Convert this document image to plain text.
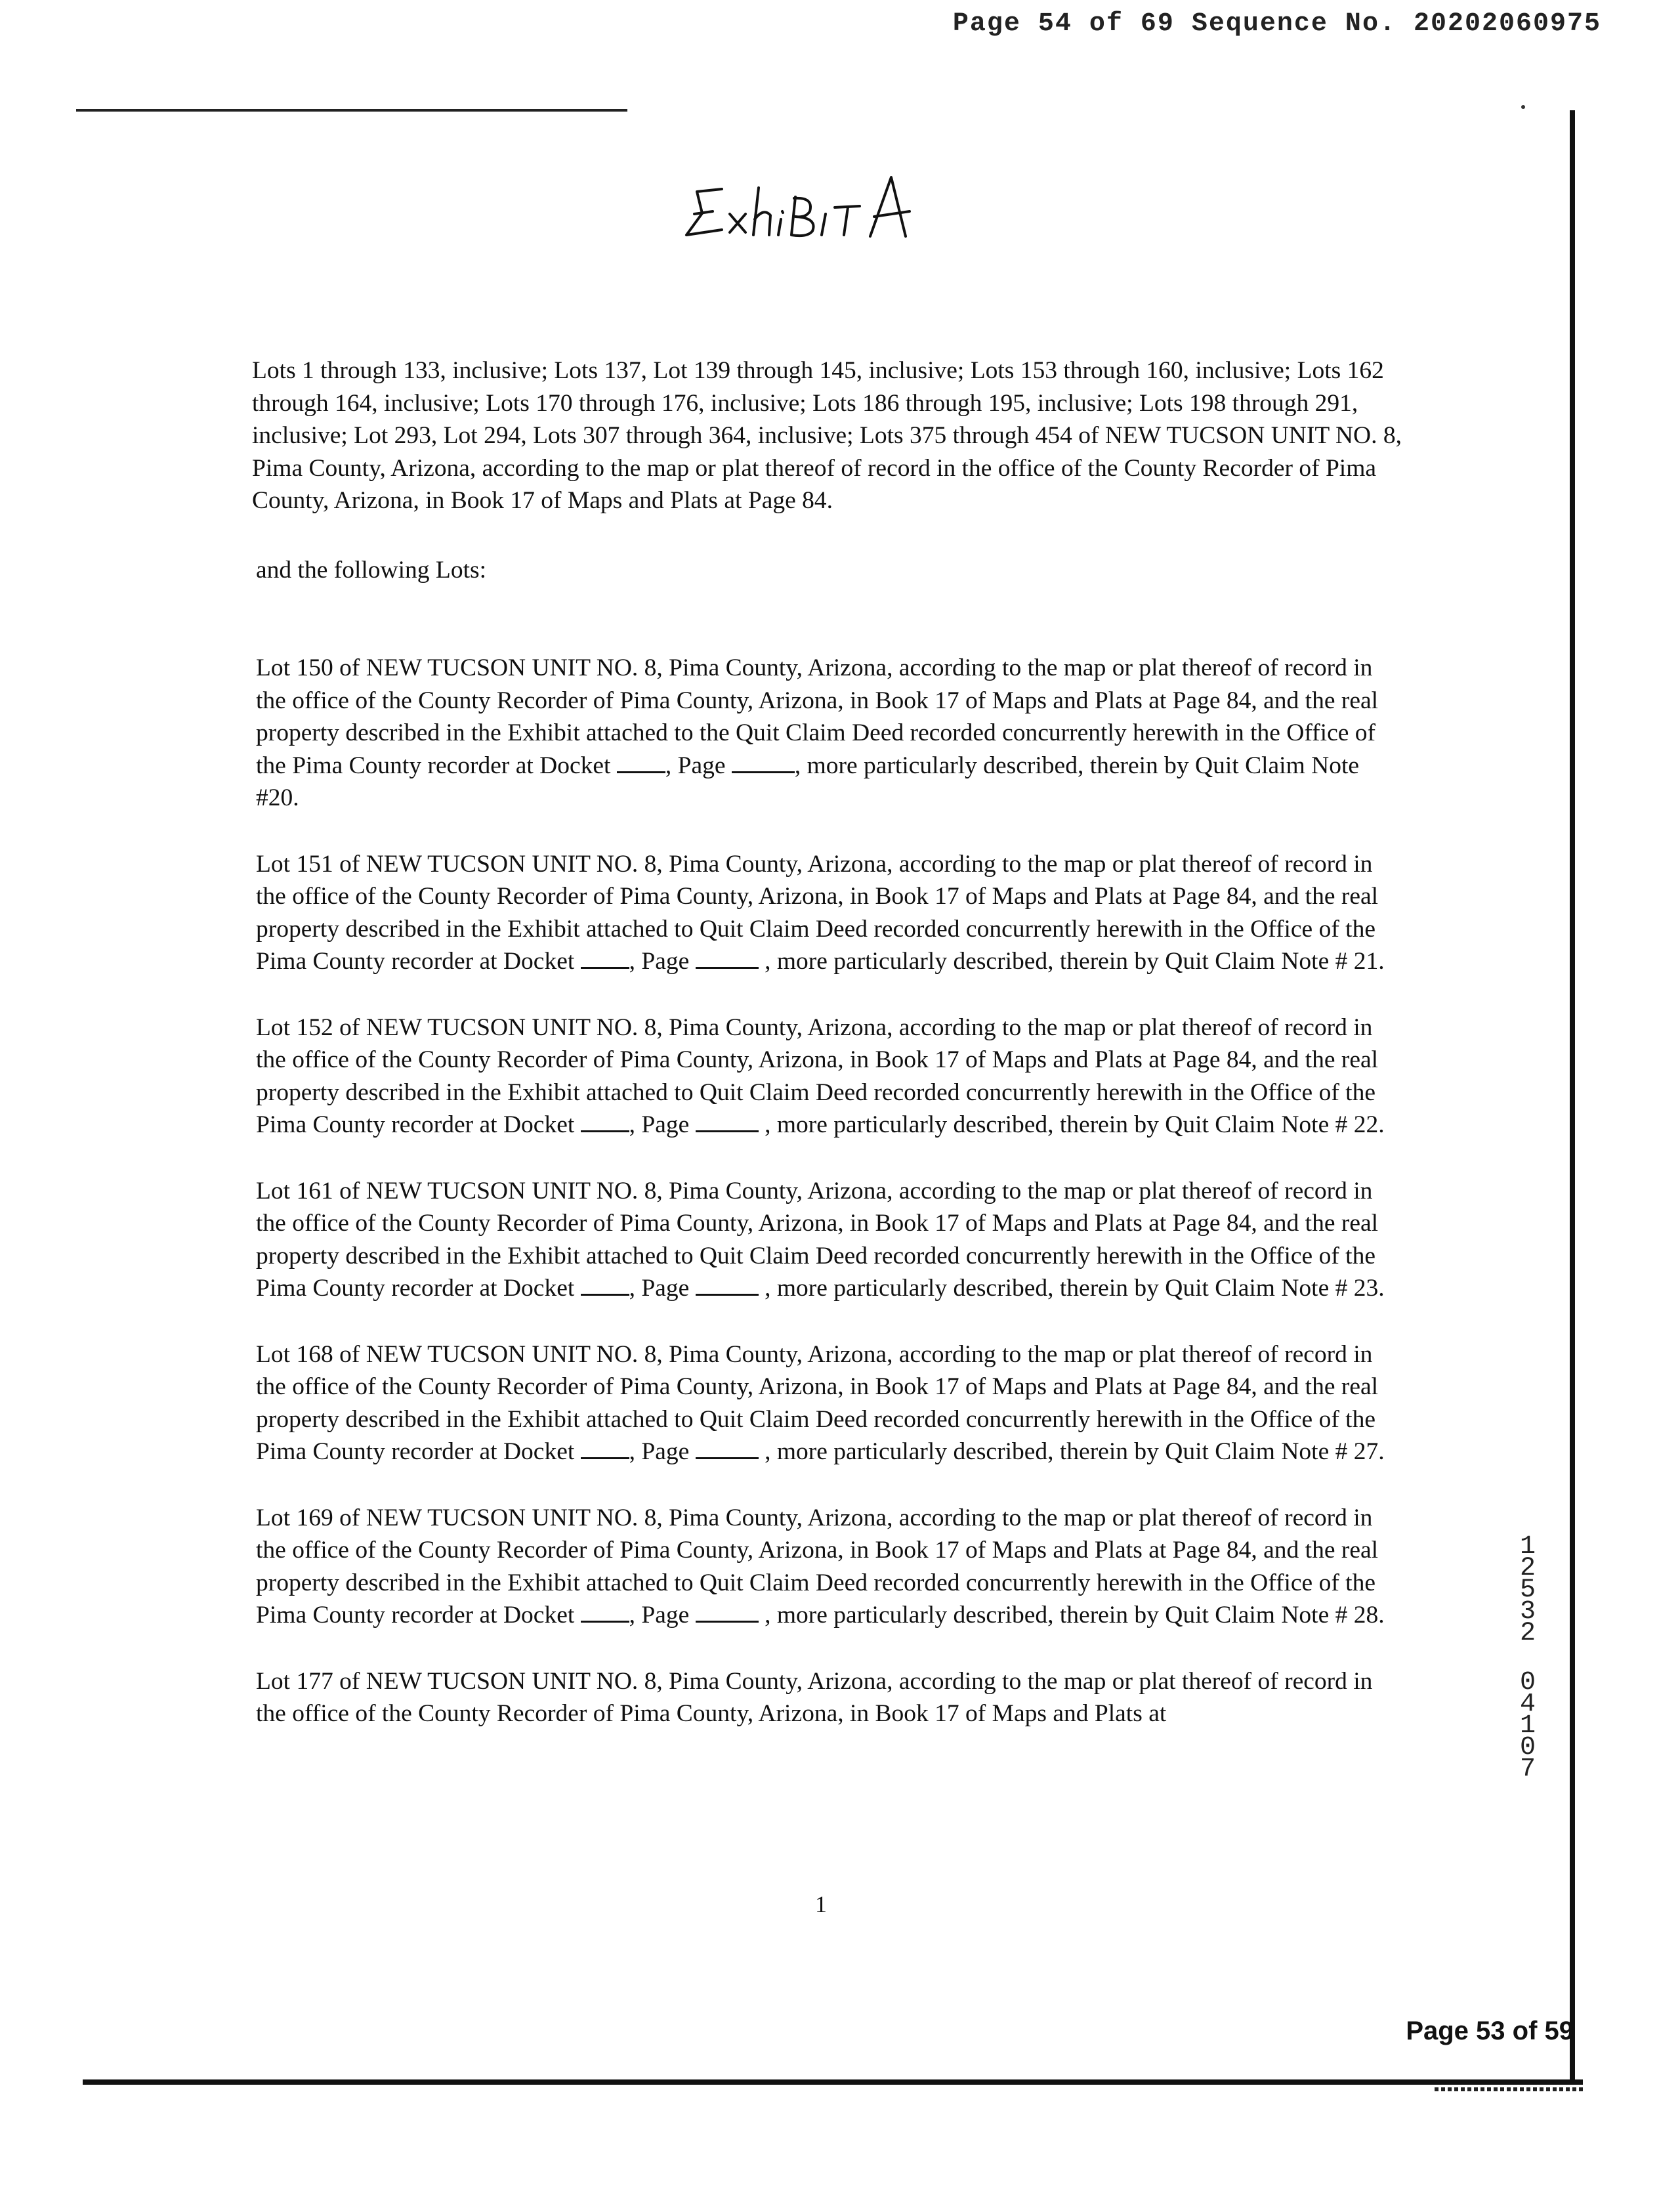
Page 54 of 69 Sequence No. 20202060975

Lots 1 through 133, inclusive; Lots 137, Lot 139 through 145, inclusive; Lots 153 through 160, inclusive; Lots 162 through 164, inclusive; Lots 170 through 176, inclusive; Lots 186 through 195, inclusive; Lots 198 through 291, inclusive; Lot 293, Lot 294, Lots 307 through 364, inclusive; Lots 375 through 454 of NEW TUCSON UNIT NO. 8, Pima County, Arizona, according to the map or plat thereof of record in the office of the County Recorder of Pima County, Arizona, in Book 17 of Maps and Plats at Page 84.

and the following Lots:

Lot 150 of NEW TUCSON UNIT NO. 8, Pima County, Arizona, according to the map or plat thereof of record in the office of the County Recorder of Pima County, Arizona, in Book 17 of Maps and Plats at Page 84, and the real property described in the Exhibit attached to the Quit Claim Deed recorded concurrently herewith in the Office of the Pima County recorder at Docket , Page	, more particularly described, therein by Quit Claim Note #20.

Lot 151 of NEW TUCSON UNIT NO. 8, Pima County, Arizona, according to the map or plat thereof of record in the office of the County Recorder of Pima County, Arizona, in Book 17 of Maps and Plats at Page 84, and the real property described in the Exhibit attached to Quit Claim Deed recorded concurrently herewith in the Office of the Pima County recorder at Docket , Page	, more particularly described, therein by Quit Claim Note # 21.

Lot 152 of NEW TUCSON UNIT NO. 8, Pima County, Arizona, according to the map or plat thereof of record in the office of the County Recorder of Pima County, Arizona, in Book 17 of Maps and Plats at Page 84, and the real property described in the Exhibit attached to Quit Claim Deed recorded concurrently herewith in the Office of the Pima County recorder at Docket , Page	, more particularly described, therein by Quit Claim Note # 22.

Lot 161 of NEW TUCSON UNIT NO. 8, Pima County, Arizona, according to the map or plat thereof of record in the office of the County Recorder of Pima County, Arizona, in Book 17 of Maps and Plats at Page 84, and the real property described in the Exhibit attached to Quit Claim Deed recorded concurrently herewith in the Office of the Pima County recorder at Docket , Page	, more particularly described, therein by Quit Claim Note # 23.

Lot 168 of NEW TUCSON UNIT NO. 8, Pima County, Arizona, according to the map or plat thereof of record in the office of the County Recorder of Pima County, Arizona, in Book 17 of Maps and Plats at Page 84, and the real property described in the Exhibit attached to Quit Claim Deed recorded concurrently herewith in the Office of the Pima County recorder at Docket , Page	, more particularly described, therein by Quit Claim Note # 27.

Lot 169 of NEW TUCSON UNIT NO. 8, Pima County, Arizona, according to the map or plat thereof of record in the office of the County Recorder of Pima County, Arizona, in Book 17 of Maps and Plats at Page 84, and the real property described in the Exhibit attached to Quit Claim Deed recorded concurrently herewith in the Office of the Pima County recorder at Docket , Page	, more particularly described, therein by Quit Claim Note # 28.

Lot 177 of NEW TUCSON UNIT NO. 8, Pima County, Arizona, according to the map or plat thereof of record in the office of the County Recorder of Pima County, Arizona, in Book 17 of Maps and Plats at

12532
04107
1
Page 53 of 59
